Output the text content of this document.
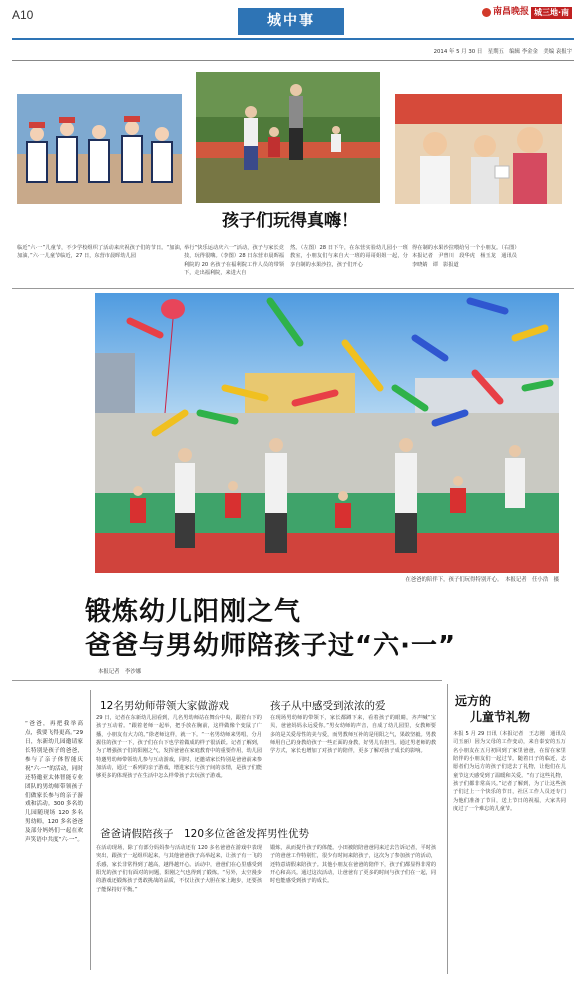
A10	城中事
南昌晚报 城三地·南
2014 年 5 月 30 日　星期五　编辑 李金金　美编 袁报宇
孩子们玩得真嗨！
临近“六·一”儿童节，不少学校组织了活动来庆祝孩子们的节日。“加油，加油，”六·一儿童节临近，27 日，东营市晨晖幼儿园
举行“快乐运动庆六一”活动，孩子与家长竞技，玩得很嗨。（李图）28 日东营市晨晖福利院的 20 名孩子在福利院工作人员的带领下，走出福利院，来进大自
然。（左图）28 日下午，在东营实验幼儿园小一班教室，小朋友们与来自大一班的哥哥姐姐一起，分享自制的水果沙拉，孩子们开心
得在制的水果沙拉喂给另一个小朋友。（右图）本报记者　尹曾川　段华虎　杨玉龙　通讯员　李晓婧　谭　影报道
在爸爸的陪伴下，孩子们玩得特别开心。　本报记者　任小浩　摄
锻炼幼儿阳刚之气
爸爸与男幼师陪孩子过“六·一”
本报记者　李沙娜
“爸爸，再把我举高点，我要飞得更高。”29 日，东新幼儿园邀请家长特别是孩子的爸爸，参与了亲子体智能庆祝“六·一”的活动，同时还特邀亚太体智能专业团队的男幼师带领孩子们做家长参与的亲子游戏和活动。300 多名幼儿园随现场 120 多名男幼师，120 多名爸爸及部分妈妈们一起在欢声笑语中共度“六·一”。
12名男幼师带领大家做游戏
29 日，记者在东新幼儿园看到，几名男幼师站在舞台中央，跟着台下的孩子互动着。“跟着老师一起举，把手放在胸前，这样做像个变鼠了广播，小朋友有大力的。”徐老师这样，就一下。“一名男幼师来男唱，分月握住的孩子一下，孩子们在台下也学着做成的样子很活跃。记者了解到，为了增强孩子们的阳刚之气，发挥爸爸在家庭教育中的重要作用，幼儿园特邀男幼师带领幼儿参与互动游戏，同时，还邀请家长特别是爸爸前来参加活动，通过一系列的亲子游戏，增进家长与孩子间的亲情，是孩子们能够更多的体现孩子在生活中怎么样带孩子去玩孩子游戏。
孩子从中感受到浓浓的爱
在现场男幼师的带领下，家长都蹲下来，看着孩子的眼睛，齐声喊“宝贝，爸爸妈妈永远爱你。”男女幼师的声音，自成了幼儿园里，女教师要多的是关爱母性的美与爱，而男教师互补的是用阳之气，果敢坚毅。男教师用自己的身教给孩子一些正面的身教，好男儿有担当。通过男老师的教学方式，家长也增加了对孩子的陪伴，更多了解对孩子成长的影响。
爸爸请假陪孩子　120多位爸爸发挥男性优势
在活动现场，除了有部分妈妈参与活动还有 120 多名爸爸在游戏中表现突出，跟孩子一起组织起来，与其他爸爸孩子高举起来，让孩子有一飞的乐感，家长非常得到了越高，越得越开心。活动中，爸爸们在心里感受到阳光的孩子们有面对的问题，阳刚之气也得到了锻炼。“另外，太空漫步的游戏还锻炼孩子勇敢挑战的品质，不仅让孩子大胆在家上跑步，还要孩子能保持好平衡。”
锻炼，从而提升孩子的体能。小田被陪陪爸爸同来过去告诉记者，平时孩子的爸爸工作特别忙，很少有时间来陪孩子，这次为了参加孩子的活动，还特意请假来陪孩子。其他小朋友在爸爸的陪伴下，孩子们都显得非常的开心和高兴。通过这次活动，让爸爸有了更多的时间与孩子们在一起，同时也能感受到孩子的成长。
远方的
儿童节礼物
本报 5 月 29 日讯（本报记者　王志刚　通讯员　司玉丽）因为父母的工作变动，来自泰安的五万名小朋友在五月初回到了家里爸爸，在留在家里陪伴的小朋友们一起过节。随着日子的临近，志愿者们为远方的孩子们送去了礼物，让他们在儿童节这天感受到了温暖和关爱。“有了这些礼物，孩子们都非常高兴。”记者了解到，为了让这些孩子们过上一个快乐的节日，社区工作人员还专门为他们准备了节目，送上节日的祝福，大家共同度过了一个难忘的儿童节。
